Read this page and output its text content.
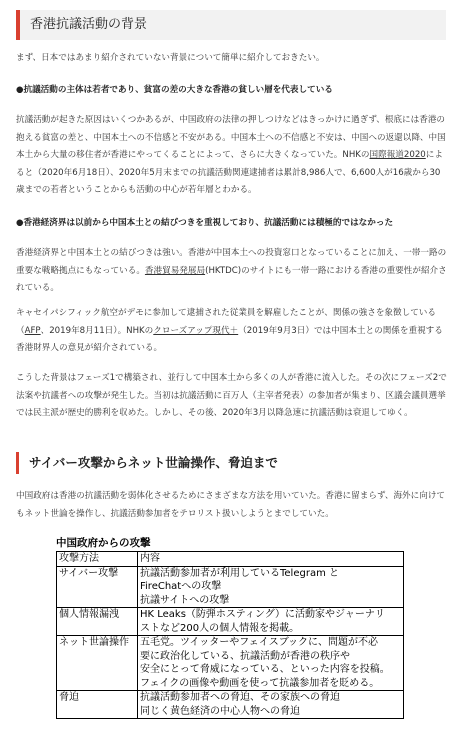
香港抗議活動の背景

まず、日本ではあまり紹介されていない背景について簡単に紹介しておきたい。

●抗議活動の主体は若者であり、貧富の差の大きな香港の貧しい層を代表している

抗議活動が起きた原因はいくつかあるが、中国政府の法律の押しつけなどはきっかけに過ぎず、根底には香港の抱える貧富の差と、中国本土への不信感と不安がある。中国本土への不信感と不安は、中国への返還以降、中国本土から大量の移住者が香港にやってくることによって、さらに大きくなっていた。NHKの国際報道2020によると（2020年6月18日）、2020年5月末までの抗議活動関連逮捕者は累計8,986人で、6,600人が16歳から30歳までの若者ということからも活動の中心が若年層とわかる。

●香港経済界は以前から中国本土との結びつきを重視しており、抗議活動には積極的ではなかった

香港経済界と中国本土との結びつきは強い。香港が中国本土への投資窓口となっていることに加え、一帯一路の重要な戦略拠点にもなっている。香港貿易発展局(HKTDC)のサイトにも一帯一路における香港の重要性が紹介されている。

キャセイパシフィック航空がデモに参加して逮捕された従業員を解雇したことが、関係の強さを象徴している（AFP、2019年8月11日）。NHKのクローズアップ現代＋（2019年9月3日）では中国本土との関係を重視する香港財界人の意見が紹介されている。

こうした背景はフェーズ1で構築され、並行して中国本土から多くの人が香港に流入した。その次にフェーズ2で法案や抗議者への攻撃が発生した。当初は抗議活動に百万人（主宰者発表）の参加者が集まり、区議会議員選挙では民主派が歴史的勝利を収めた。しかし、その後、2020年3月以降急速に抗議活動は衰退してゆく。

サイバー攻撃からネット世論操作、脅迫まで

中国政府は香港の抗議活動を弱体化させるためにさまざまな方法を用いていた。香港に留まらず、海外に向けてもネット世論を操作し、抗議活動参加者をテロリスト扱いしようとまでしていた。

中国政府からの攻撃
攻撃方法	内容
サイバー攻撃	抗議活動参加者が利用しているTelegram と
FireChatへの攻撃
抗議サイトへの攻撃

個人情報漏洩	HK Leaks（防弾ホスティング）に活動家やジャーナリ
ストなど200人の個人情報を掲載。

ネット世論操作	五毛党。ツイッターやフェイスブックに、問題が不必
要に政治化している、抗議活動が香港の秩序や
安全にとって脅威になっている、といった内容を投稿。
フェイクの画像や動画を使って抗議参加者を貶める。

脅迫	抗議活動参加者への脅迫、その家族への脅迫
同じく黄色経済の中心人物への脅迫
